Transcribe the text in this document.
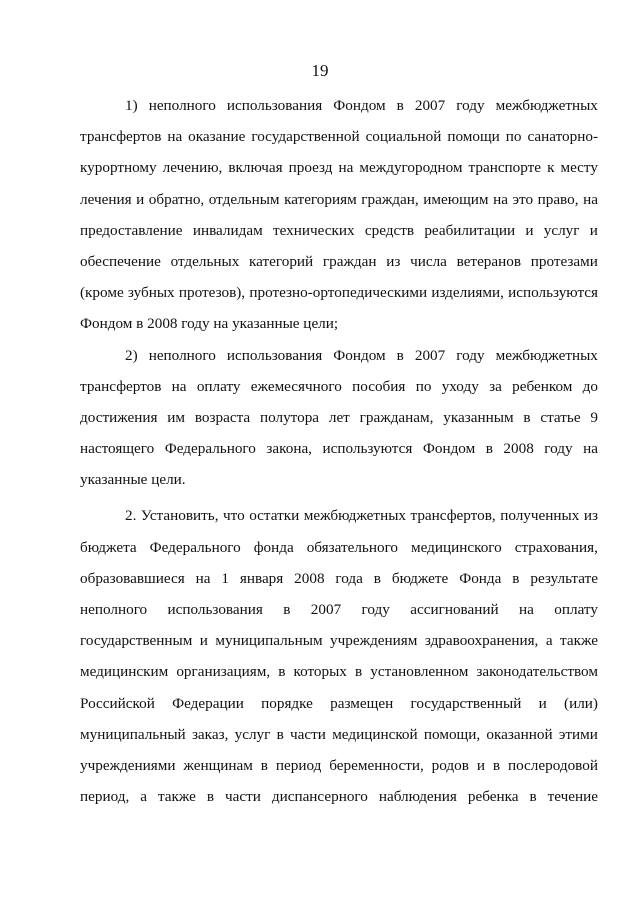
19
1) неполного использования Фондом в 2007 году межбюджетных
трансфертов на оказание государственной социальной помощи по санаторно-
курортному лечению, включая проезд на междугородном транспорте к месту
лечения и обратно, отдельным категориям граждан, имеющим на это право, на
предоставление инвалидам технических средств реабилитации и услуг и
обеспечение отдельных категорий граждан из числа ветеранов протезами
(кроме зубных протезов), протезно-ортопедическими изделиями, используются
Фондом в 2008 году на указанные цели;
2) неполного использования Фондом в 2007 году межбюджетных
трансфертов на оплату ежемесячного пособия по уходу за ребенком до
достижения им возраста полутора лет гражданам, указанным в статье 9
настоящего Федерального закона, используются Фондом в 2008 году на
указанные цели.
2. Установить, что остатки межбюджетных трансфертов, полученных из
бюджета Федерального фонда обязательного медицинского страхования,
образовавшиеся на 1 января 2008 года в бюджете Фонда в результате
неполного использования в 2007 году ассигнований на оплату
государственным и муниципальным учреждениям здравоохранения, а также
медицинским организациям, в которых в установленном законодательством
Российской Федерации порядке размещен государственный и (или)
муниципальный заказ, услуг в части медицинской помощи, оказанной этими
учреждениями женщинам в период беременности, родов и в послеродовой
период, а также в части диспансерного наблюдения ребенка в течение
